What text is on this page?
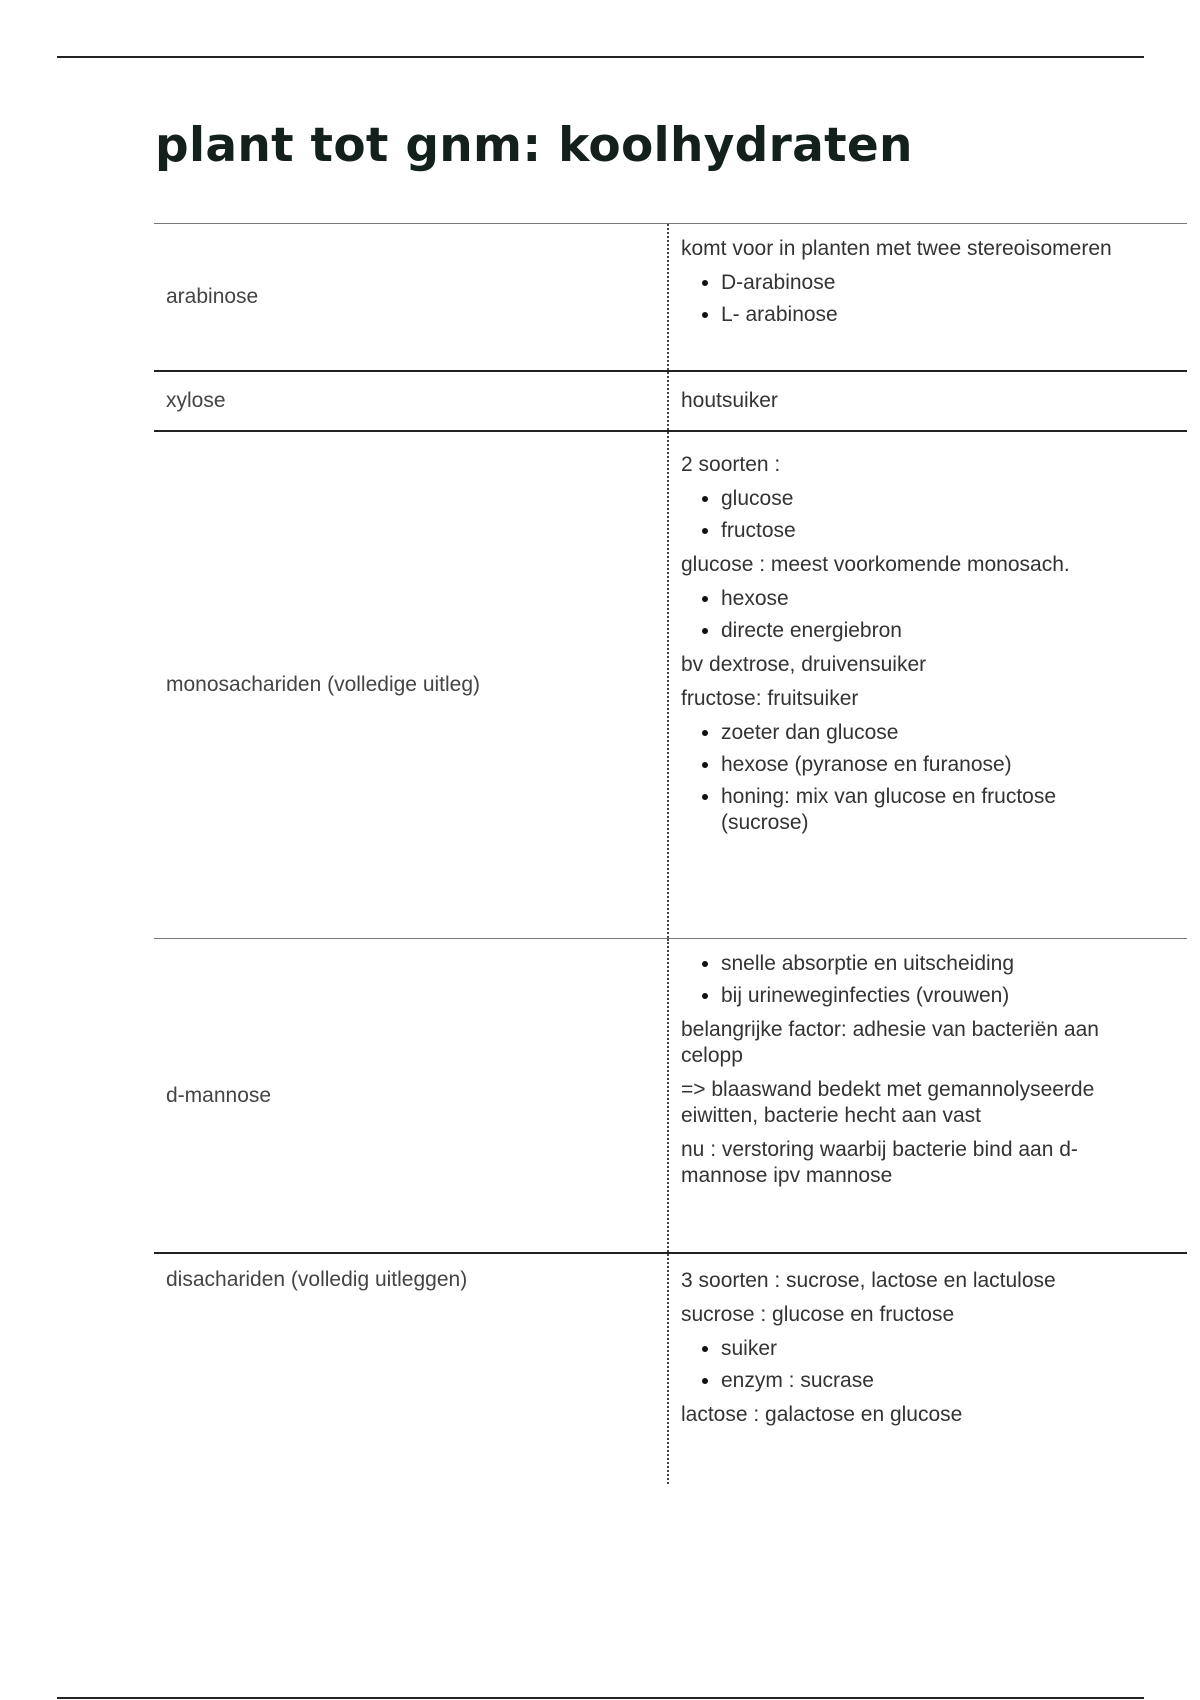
plant tot gnm: koolhydraten
arabinose

komt voor in planten met twee stereoisomeren

• D-arabinose
• L- arabinose
xylose	houtsuiker
monosachariden (volledige uitleg)

2 soorten :

• glucose
• fructose

glucose : meest voorkomende monosach.

• hexose
• directe energiebron

bv dextrose, druivensuiker

fructose: fruitsuiker

• zoeter dan glucose
• hexose (pyranose en furanose)
• honing: mix van glucose en fructose (sucrose)
d-mannose
• snelle absorptie en uitscheiding
• bij urineweginfecties (vrouwen)

belangrijke factor: adhesie van bacteriën aan celopp

=> blaaswand bedekt met gemannolyseerde eiwitten, bacterie hecht aan vast

nu : verstoring waarbij bacterie bind aan d-mannose ipv mannose

disachariden (volledig uitleggen)	3 soorten : sucrose, lactose en lactulose

sucrose : glucose en fructose

• suiker
• enzym : sucrase

lactose : galactose en glucose
